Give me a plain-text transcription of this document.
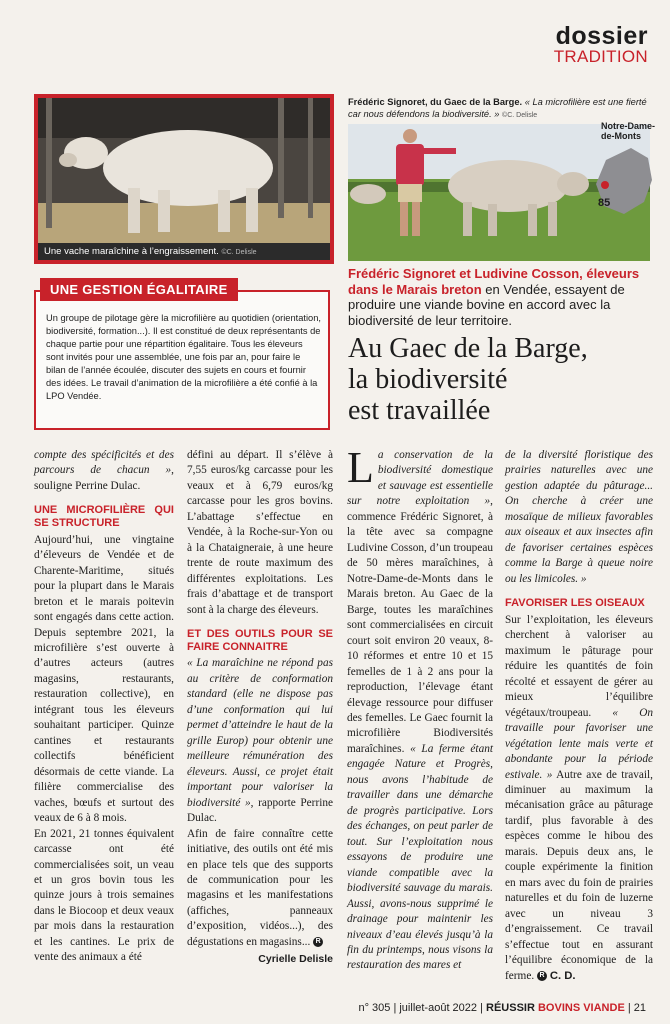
dossier
TRADITION
Une vache maraîchine à l’engraissement. ©C. Delisle
Frédéric Signoret, du Gaec de la Barge. « La microfilière est une fierté car nous défendons la biodiversité. » ©C. Delisle
Notre-Dame-
de-Monts
85
Frédéric Signoret et Ludivine Cosson, éleveurs dans le Marais breton en Vendée, essayent de produire une viande bovine en accord avec la biodiversité de leur territoire.
Au Gaec de la Barge,
la biodiversité
est travaillée
UNE GESTION ÉGALITAIRE
Un groupe de pilotage gère la microfilière au quotidien (orientation, biodiversité, formation...). Il est constitué de deux représentants de chaque partie pour une répartition égalitaire. Tous les éleveurs sont invités pour une assemblée, une fois par an, pour faire le bilan de l’année écoulée, discuter des sujets en cours et fournir des idées. Le travail d’animation de la microfilière a été confié à la LPO Vendée.

compte des spécificités et des parcours de chacun », souligne Perrine Dulac.

UNE MICROFILIÈRE QUI SE STRUCTURE

Aujourd’hui, une vingtaine d’éleveurs de Vendée et de Charente-Maritime, situés pour la plupart dans le Marais breton et le marais poitevin sont engagés dans cette action. Depuis septembre 2021, la microfilière s’est ouverte à d’autres acteurs (autres magasins, restaurants, restauration collective), en intégrant tous les éleveurs souhaitant participer. Quinze cantines et restaurants collectifs bénéficient désormais de cette viande. La filière commercialise des vaches, bœufs et surtout des veaux de 6 à 8 mois.

En 2021, 21 tonnes équivalent carcasse ont été commercialisées soit, un veau et un gros bovin tous les quinze jours à trois semaines dans le Biocoop et deux veaux par mois dans la restauration et les cantines. Le prix de vente des animaux a été

défini au départ. Il s’élève à 7,55 euros/kg carcasse pour les veaux et à 6,79 euros/kg carcasse pour les gros bovins. L’abattage s’effectue en Vendée, à la Roche-sur-Yon ou à la Chataigneraie, à une heure trente de route maximum des différentes exploitations. Les frais d’abattage et de transport sont à la charge des éleveurs.

ET DES OUTILS POUR SE FAIRE CONNAITRE

« La maraîchine ne répond pas au critère de conformation standard (elle ne dispose pas d’une conformation qui lui permet d’atteindre le haut de la grille Europ) pour obtenir une meilleure rémunération des éleveurs. Aussi, ce projet était important pour valoriser la biodiversité », rapporte Perrine Dulac.

Afin de faire connaître cette initiative, des outils ont été mis en place tels que des supports de communication pour les magasins et les manifestations (affiches, panneaux d’exposition, vidéos...), des dégustations en magasins... R

Cyrielle Delisle

La conservation de la biodiversité domestique et sauvage est essentielle sur notre exploitation », commence Frédéric Signoret, à la tête avec sa compagne Ludivine Cosson, d’un troupeau de 50 mères maraîchines, à Notre-Dame-de-Monts dans le Marais breton. Au Gaec de la Barge, toutes les maraîchines sont commercialisées en circuit court soit environ 20 veaux, 8-10 réformes et entre 10 et 15 femelles de 1 à 2 ans pour la reproduction, l’élevage étant élevage ressource pour diffuser des femelles. Le Gaec fournit la microfilière Biodiversités maraîchines. « La ferme étant engagée Nature et Progrès, nous avons l’habitude de travailler dans une démarche de progrès participative. Lors des échanges, on peut parler de tout. Sur l’exploitation nous essayons de produire une viande compatible avec la biodiversité sauvage du marais. Aussi, avons-nous supprimé le drainage pour maintenir les niveaux d’eau élevés jusqu’à la fin du printemps, nous visons la restauration des mares et

de la diversité floristique des prairies naturelles avec une gestion adaptée du pâturage... On cherche à créer une mosaïque de milieux favorables aux oiseaux et aux insectes afin de favoriser certaines espèces comme la Barge à queue noire ou les limicoles. »

FAVORISER LES OISEAUX

Sur l’exploitation, les éleveurs cherchent à valoriser au maximum le pâturage pour réduire les quantités de foin récolté et essayent de gérer au mieux l’équilibre végétaux/troupeau. « On travaille pour favoriser une végétation lente mais verte et abondante pour la période estivale. » Autre axe de travail, diminuer au maximum la mécanisation grâce au pâturage tardif, plus favorable à des espèces comme le hibou des marais. Depuis deux ans, le couple expérimente la finition en mars avec du foin de prairies naturelles et du foin de luzerne avec un niveau 3 d’engraissement. Ce travail s’effectue tout en assurant l’équilibre économique de la ferme. R C. D.

n° 305 | juillet-août 2022 | RÉUSSIR BOVINS VIANDE | 21
